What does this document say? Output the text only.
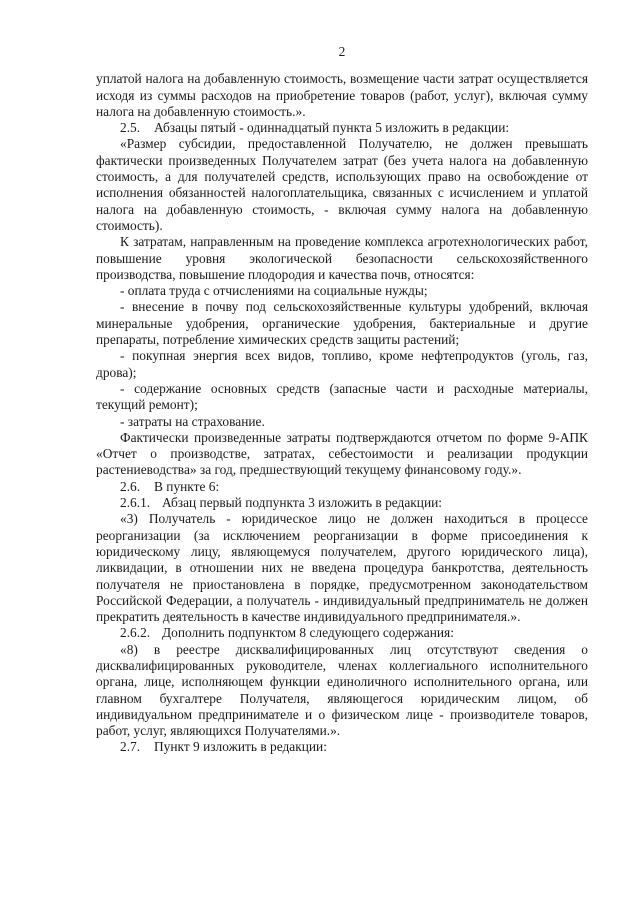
2

уплатой налога на добавленную стоимость, возмещение части затрат осуществляется исходя из суммы расходов на приобретение товаров (работ, услуг), включая сумму налога на добавленную стоимость.».

2.5. Абзацы пятый - одиннадцатый пункта 5 изложить в редакции:

«Размер субсидии, предоставленной Получателю, не должен превышать фактически произведенных Получателем затрат (без учета налога на добавленную стоимость, а для получателей средств, использующих право на освобождение от исполнения обязанностей налогоплательщика, связанных с исчислением и уплатой налога на добавленную стоимость, - включая сумму налога на добавленную стоимость).

К затратам, направленным на проведение комплекса агротехнологических работ, повышение уровня экологической безопасности сельскохозяйственного производства, повышение плодородия и качества почв, относятся:

- оплата труда с отчислениями на социальные нужды;

- внесение в почву под сельскохозяйственные культуры удобрений, включая минеральные удобрения, органические удобрения, бактериальные и другие препараты, потребление химических средств защиты растений;

- покупная энергия всех видов, топливо, кроме нефтепродуктов (уголь, газ, дрова);

- содержание основных средств (запасные части и расходные материалы, текущий ремонт);

- затраты на страхование.

Фактически произведенные затраты подтверждаются отчетом по форме 9-АПК «Отчет о производстве, затратах, себестоимости и реализации продукции растениеводства» за год, предшествующий текущему финансовому году.».

2.6. В пункте 6:

2.6.1. Абзац первый подпункта 3 изложить в редакции:

«3) Получатель - юридическое лицо не должен находиться в процессе реорганизации (за исключением реорганизации в форме присоединения к юридическому лицу, являющемуся получателем, другого юридического лица), ликвидации, в отношении них не введена процедура банкротства, деятельность получателя не приостановлена в порядке, предусмотренном законодательством Российской Федерации, а получатель - индивидуальный предприниматель не должен прекратить деятельность в качестве индивидуального предпринимателя.».

2.6.2. Дополнить подпунктом 8 следующего содержания:

«8) в реестре дисквалифицированных лиц отсутствуют сведения о дисквалифицированных руководителе, членах коллегиального исполнительного органа, лице, исполняющем функции единоличного исполнительного органа, или главном бухгалтере Получателя, являющегося юридическим лицом, об индивидуальном предпринимателе и о физическом лице - производителе товаров, работ, услуг, являющихся Получателями.».

2.7. Пункт 9 изложить в редакции:
